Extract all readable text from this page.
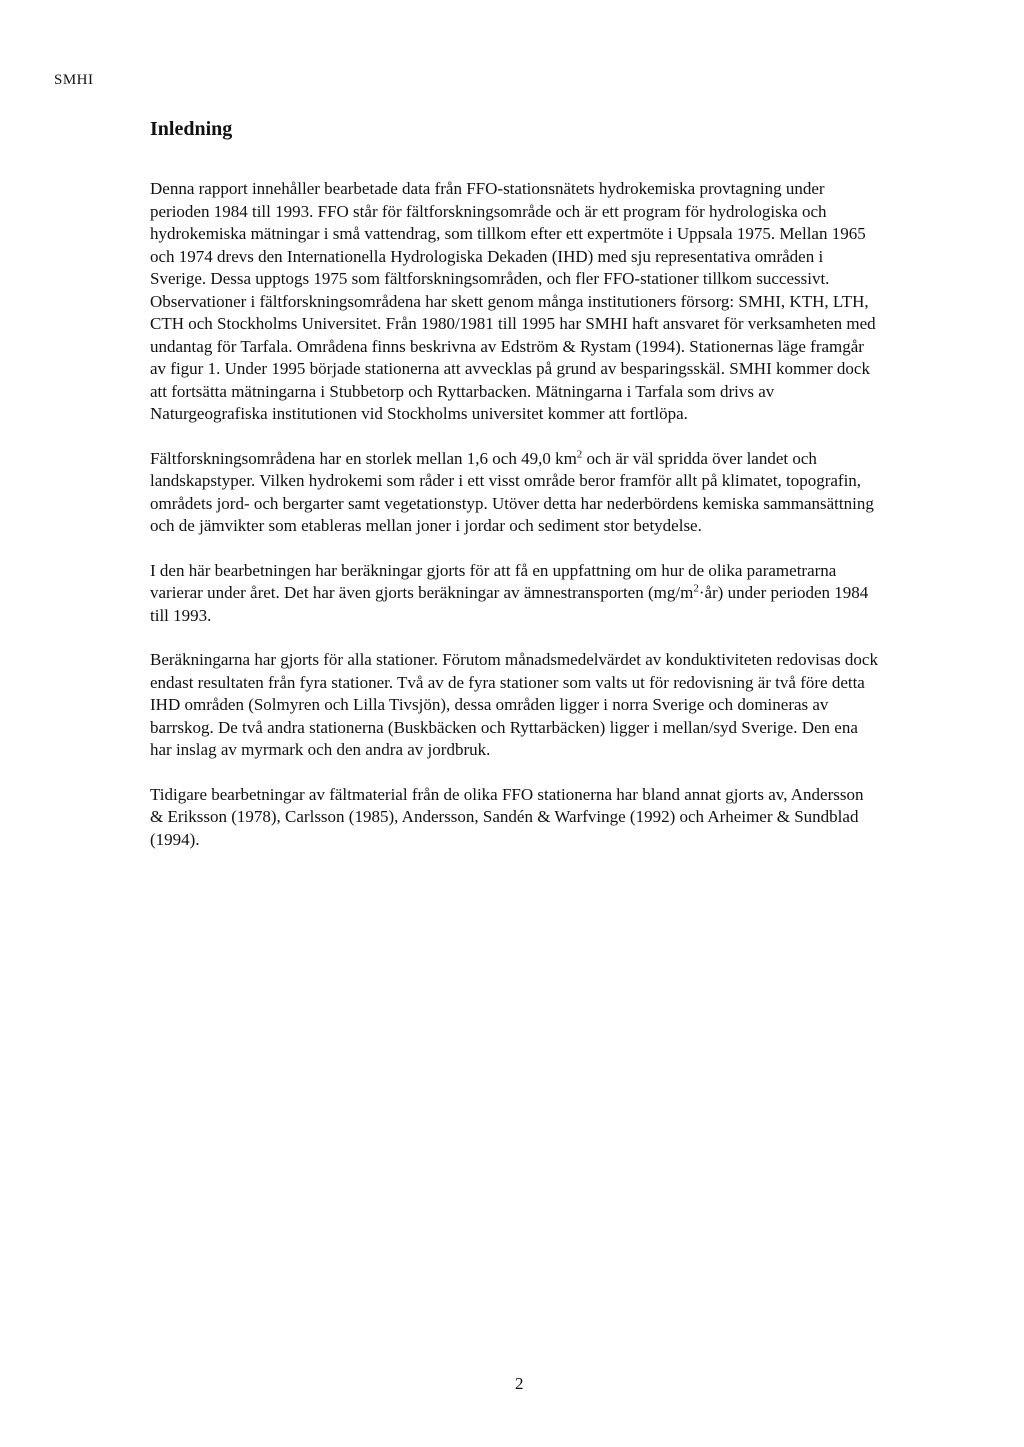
SMHI
Inledning

Denna rapport innehåller bearbetade data från FFO-stationsnätets hydrokemiska provtagning under perioden 1984 till 1993. FFO står för fältforskningsområde och är ett program för hydrologiska och hydrokemiska mätningar i små vattendrag, som tillkom efter ett expertmöte i Uppsala 1975. Mellan 1965 och 1974 drevs den Internationella Hydrologiska Dekaden (IHD) med sju representativa områden i Sverige. Dessa upptogs 1975 som fältforskningsområden, och fler FFO-stationer tillkom successivt. Observationer i fältforskningsområdena har skett genom många institutioners försorg: SMHI, KTH, LTH, CTH och Stockholms Universitet. Från 1980/1981 till 1995 har SMHI haft ansvaret för verksamheten med undantag för Tarfala. Områdena finns beskrivna av Edström & Rystam (1994). Stationernas läge framgår av figur 1. Under 1995 började stationerna att avvecklas på grund av besparingsskäl. SMHI kommer dock att fortsätta mätningarna i Stubbetorp och Ryttarbacken. Mätningarna i Tarfala som drivs av Naturgeografiska institutionen vid Stockholms universitet kommer att fortlöpa.

Fältforskningsområdena har en storlek mellan 1,6 och 49,0 $km^2$ och är väl spridda över landet och landskapstyper. Vilken hydrokemi som råder i ett visst område beror framför allt på klimatet, topografin, områdets jord- och bergarter samt vegetationstyp. Utöver detta har nederbördens kemiska sammansättning och de jämvikter som etableras mellan joner i jordar och sediment stor betydelse.

I den här bearbetningen har beräkningar gjorts för att få en uppfattning om hur de olika parametrarna varierar under året. Det har även gjorts beräkningar av ämnestransporten $(mg/m^2\cdot år)$ under perioden 1984 till 1993.

Beräkningarna har gjorts för alla stationer. Förutom månadsmedelvärdet av konduktiviteten redovisas dock endast resultaten från fyra stationer. Två av de fyra stationer som valts ut för redovisning är två före detta IHD områden (Solmyren och Lilla Tivsjön), dessa områden ligger i norra Sverige och domineras av barrskog. De två andra stationerna (Buskbäcken och Ryttarbäcken) ligger i mellan/syd Sverige. Den ena har inslag av myrmark och den andra av jordbruk.

Tidigare bearbetningar av fältmaterial från de olika FFO stationerna har bland annat gjorts av, Andersson & Eriksson (1978), Carlsson (1985), Andersson, Sandén & Warfvinge (1992) och Arheimer & Sundblad (1994).

2
